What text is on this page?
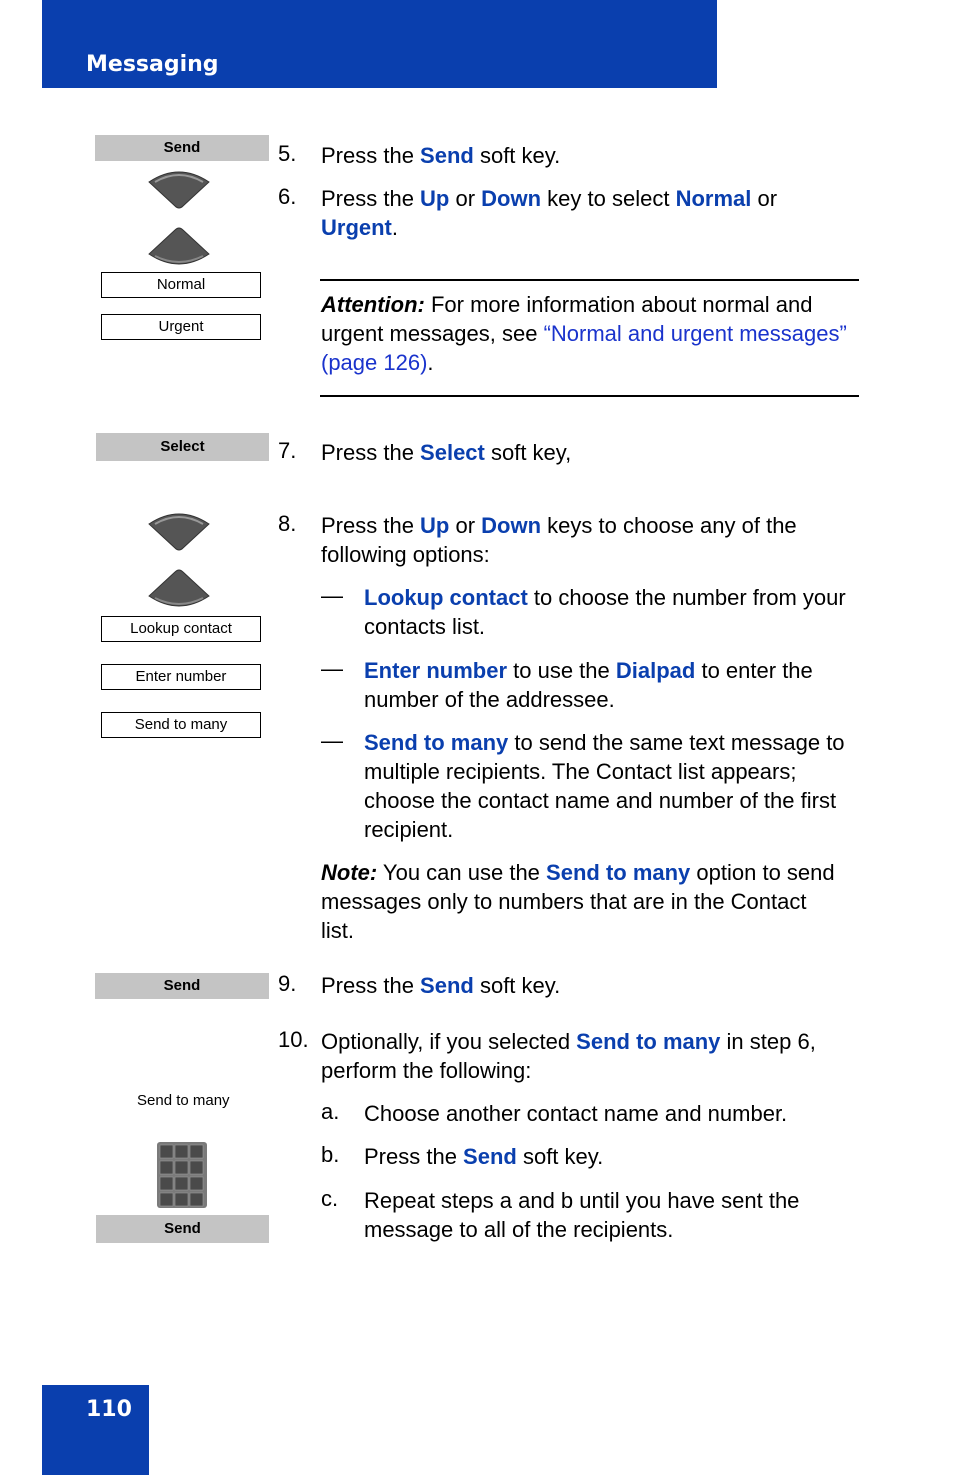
Messaging
110
Send
Normal
Urgent
Select
Lookup contact
Enter number
Send to many
Send
Send to many
Send
5. Press the Send soft key.
6. Press the Up or Down key to select Normal or
Urgent.
Attention: For more information about normal and urgent messages, see “Normal and urgent messages” (page 126).
7. Press the Select soft key,
8. Press the Up or Down keys to choose any of the following options:
— Lookup contact to choose the number from your contacts list.
— Enter number to use the Dialpad to enter the number of the addressee.
— Send to many to send the same text message to multiple recipients. The Contact list appears; choose the contact name and number of the first recipient.
Note: You can use the Send to many option to send messages only to numbers that are in the Contact list.
9. Press the Send soft key.
10. Optionally, if you selected Send to many in step 6, perform the following:
a. Choose another contact name and number.
b. Press the Send soft key.
c. Repeat steps a and b until you have sent the message to all of the recipients.
